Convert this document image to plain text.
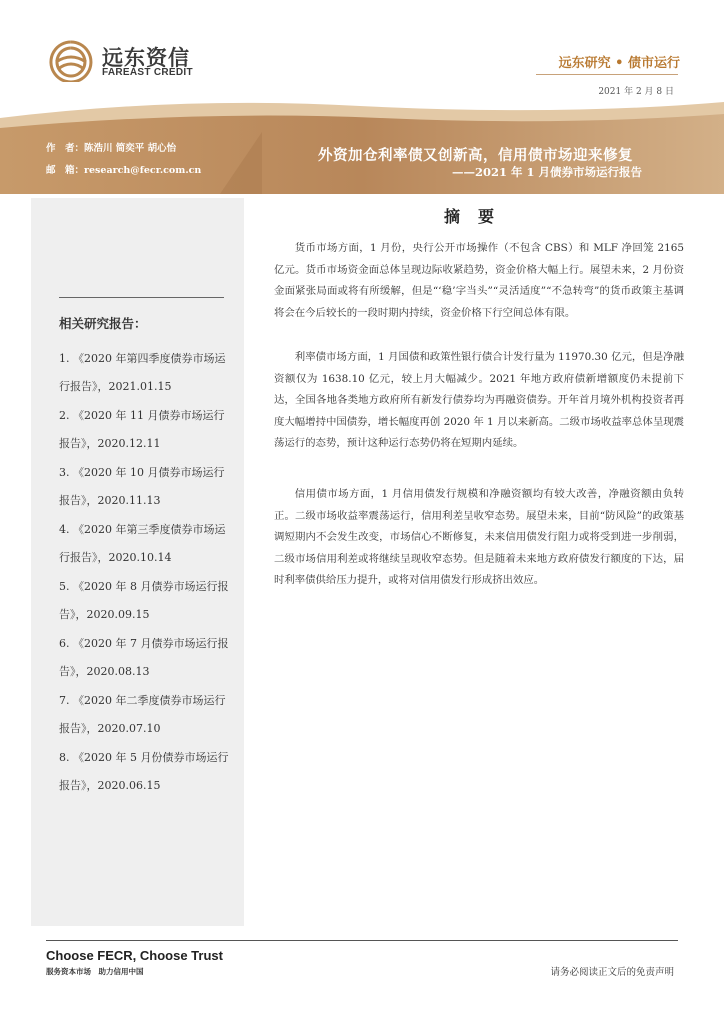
远东资信
FAREAST CREDIT
远东研究 • 债市运行
2021 年 2 月 8 日
作　者：陈浩川 简奕平 胡心怡
邮　箱：research@fecr.com.cn
外资加仓利率债又创新高，信用债市场迎来修复
——2021 年 1 月债券市场运行报告
相关研究报告：
1. 《2020 年第四季度债券市场运行报告》，2021.01.15
2. 《2020 年 11 月债券市场运行报告》，2020.12.11
3. 《2020 年 10 月债券市场运行报告》，2020.11.13
4. 《2020 年第三季度债券市场运行报告》，2020.10.14
5. 《2020 年 8 月债券市场运行报告》，2020.09.15
6. 《2020 年 7 月债券市场运行报告》，2020.08.13
7. 《2020 年二季度债券市场运行报告》，2020.07.10
8. 《2020 年 5 月份债券市场运行报告》，2020.06.15
摘要

货币市场方面，1 月份，央行公开市场操作（不包含 CBS）和 MLF 净回笼 2165 亿元。货币市场资金面总体呈现边际收紧趋势，资金价格大幅上行。展望未来，2 月份资金面紧张局面或将有所缓解，但是“‘稳’字当头”“灵活适度”“不急转弯”的货币政策主基调将会在今后较长的一段时期内持续，资金价格下行空间总体有限。

利率债市场方面，1 月国债和政策性银行债合计发行量为 11970.30 亿元，但是净融资额仅为 1638.10 亿元，较上月大幅减少。2021 年地方政府债新增额度仍未提前下达，全国各地各类地方政府所有新发行债券均为再融资债券。开年首月境外机构投资者再度大幅增持中国债券，增长幅度再创 2020 年 1 月以来新高。二级市场收益率总体呈现震荡运行的态势，预计这种运行态势仍将在短期内延续。

信用债市场方面，1 月信用债发行规模和净融资额均有较大改善，净融资额由负转正。二级市场收益率震荡运行，信用利差呈收窄态势。展望未来，目前“防风险”的政策基调短期内不会发生改变，市场信心不断修复，未来信用债发行阻力或将受到进一步削弱，二级市场信用利差或将继续呈现收窄态势。但是随着未来地方政府债发行额度的下达，届时利率债供给压力提升，或将对信用债发行形成挤出效应。

Choose FECR, Choose Trust
服务资本市场　助力信用中国	请务必阅读正文后的免责声明
